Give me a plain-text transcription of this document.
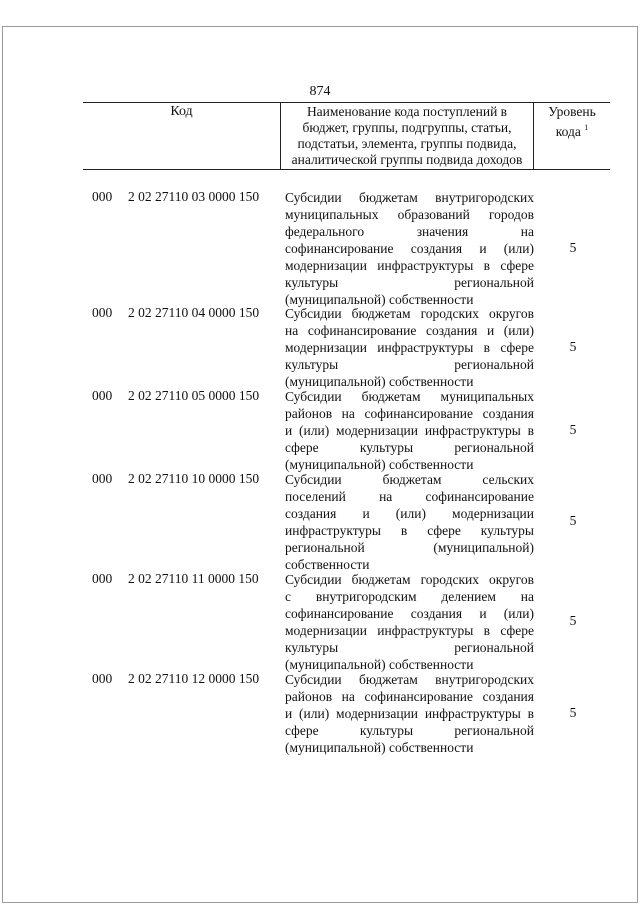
874
Код	Наименование кода поступлений в
бюджет, группы, подгруппы, статьи,
подстатьи, элемента, группы подвида,
аналитической группы подвида доходов
Уровень
кода $^1$
000 2 02 27110 03 0000 150 Субсидии бюджетам внутригородских
муниципальных образований городов
федерального значения на
софинансирование создания и (или)
модернизации инфраструктуры в сфере
культуры региональной
(муниципальной) собственности
5
000 2 02 27110 04 0000 150 Субсидии бюджетам городских округов
на софинансирование создания и (или)
модернизации инфраструктуры в сфере
культуры региональной
(муниципальной) собственности
5
000 2 02 27110 05 0000 150 Субсидии бюджетам муниципальных
районов на софинансирование создания
и (или) модернизации инфраструктуры в
сфере культуры региональной
(муниципальной) собственности
5
000 2 02 27110 10 0000 150 Субсидии бюджетам сельских
поселений на софинансирование
создания и (или) модернизации
инфраструктуры в сфере культуры
региональной (муниципальной)
собственности
5
000 2 02 27110 11 0000 150 Субсидии бюджетам городских округов
с внутригородским делением на
софинансирование создания и (или)
модернизации инфраструктуры в сфере
культуры региональной
(муниципальной) собственности
5
000 2 02 27110 12 0000 150 Субсидии бюджетам внутригородских
районов на софинансирование создания
и (или) модернизации инфраструктуры в
сфере культуры региональной
(муниципальной) собственности
5
